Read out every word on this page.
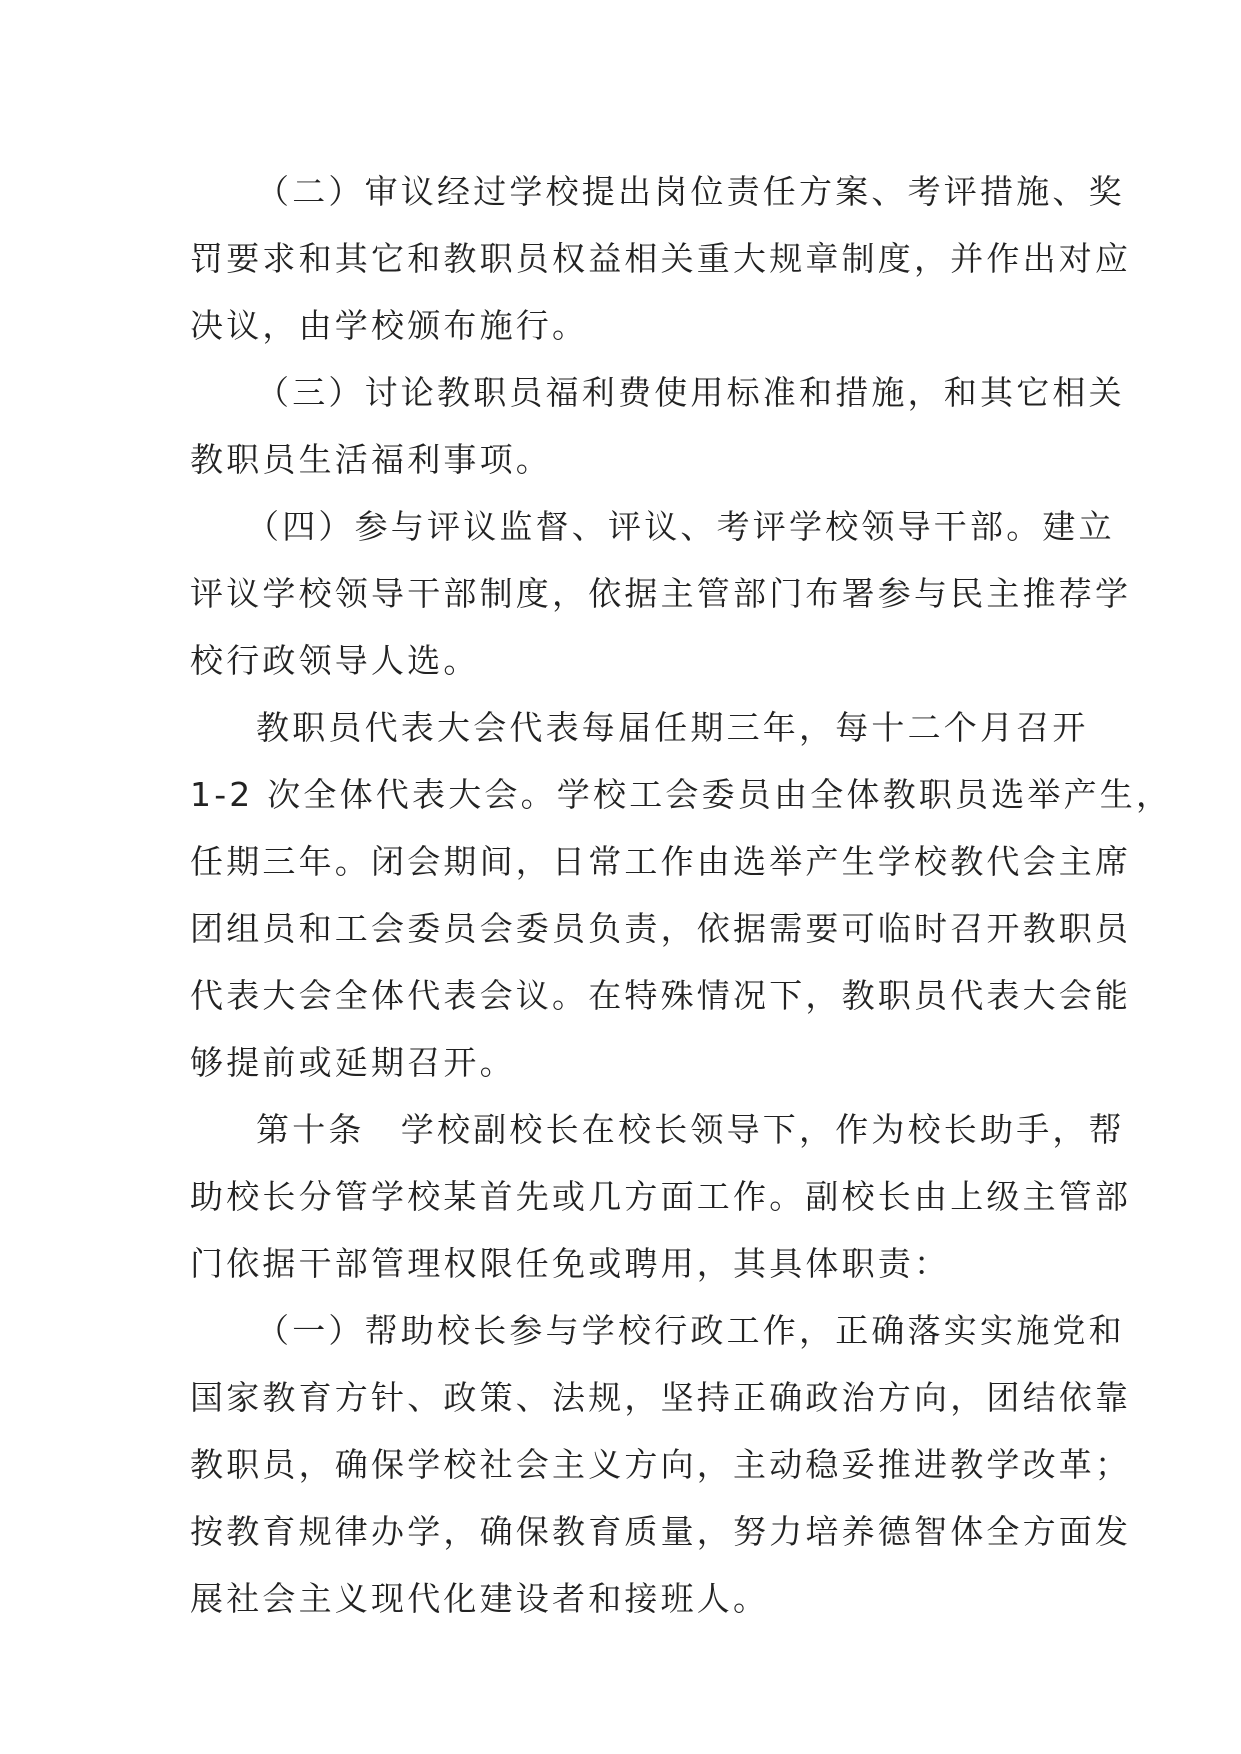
（二）审议经过学校提出岗位责任方案、考评措施、奖
罚要求和其它和教职员权益相关重大规章制度，并作出对应
决议，由学校颁布施行。
（三）讨论教职员福利费使用标准和措施，和其它相关
教职员生活福利事项。
（四）参与评议监督、评议、考评学校领导干部。建立
评议学校领导干部制度，依据主管部门布署参与民主推荐学
校行政领导人选。
教职员代表大会代表每届任期三年，每十二个月召开
1-2 次全体代表大会。学校工会委员由全体教职员选举产生，
任期三年。闭会期间，日常工作由选举产生学校教代会主席
团组员和工会委员会委员负责，依据需要可临时召开教职员
代表大会全体代表会议。在特殊情况下，教职员代表大会能
够提前或延期召开。
第十条　学校副校长在校长领导下，作为校长助手，帮
助校长分管学校某首先或几方面工作。副校长由上级主管部
门依据干部管理权限任免或聘用，其具体职责：
（一）帮助校长参与学校行政工作，正确落实实施党和
国家教育方针、政策、法规，坚持正确政治方向，团结依靠
教职员，确保学校社会主义方向，主动稳妥推进教学改革；
按教育规律办学，确保教育质量，努力培养德智体全方面发
展社会主义现代化建设者和接班人。
